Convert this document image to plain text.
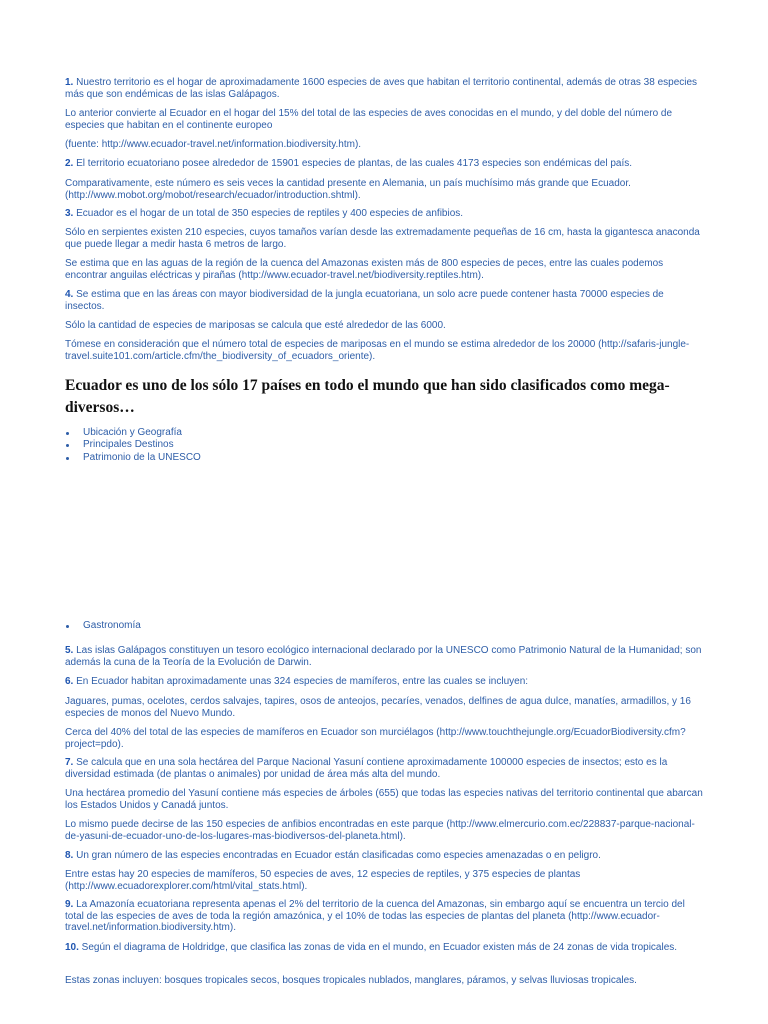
1. Nuestro territorio es el hogar de aproximadamente 1600 especies de aves que habitan el territorio continental, además de otras 38 especies más que son endémicas de las islas Galápagos.

Lo anterior convierte al Ecuador en el hogar del 15% del total de las especies de aves conocidas en el mundo, y del doble del número de especies que habitan en el continente europeo

(fuente: http://www.ecuador-travel.net/information.biodiversity.htm).

2. El territorio ecuatoriano posee alrededor de 15901 especies de plantas, de las cuales 4173 especies son endémicas del país.

Comparativamente, este número es seis veces la cantidad presente en Alemania, un país muchísimo más grande que Ecuador.(http://www.mobot.org/mobot/research/ecuador/introduction.shtml).

3. Ecuador es el hogar de un total de 350 especies de reptiles y 400 especies de anfibios.

Sólo en serpientes existen 210 especies, cuyos tamaños varían desde las extremadamente pequeñas de 16 cm, hasta la gigantesca anaconda que puede llegar a medir hasta 6 metros de largo.

Se estima que en las aguas de la región de la cuenca del Amazonas existen más de 800 especies de peces, entre las cuales podemos encontrar anguilas eléctricas y pirañas (http://www.ecuador-travel.net/biodiversity.reptiles.htm).

4. Se estima que en las áreas con mayor biodiversidad de la jungla ecuatoriana, un solo acre puede contener hasta 70000 especies de insectos.

Sólo la cantidad de especies de mariposas se calcula que esté alrededor de las 6000.

Tómese en consideración que el número total de especies de mariposas en el mundo se estima alrededor de los 20000 (http://safaris-jungle-travel.suite101.com/article.cfm/the_biodiversity_of_ecuadors_oriente).

Ecuador es uno de los sólo 17 países en todo el mundo que han sido clasificados como mega-diversos…
Ubicación y Geografía
Principales Destinos
Patrimonio de la UNESCO
Gastronomía

5. Las islas Galápagos constituyen un tesoro ecológico internacional declarado por la UNESCO como Patrimonio Natural de la Humanidad; son además la cuna de la Teoría de la Evolución de Darwin.

6. En Ecuador habitan aproximadamente unas 324 especies de mamíferos, entre las cuales se incluyen:

Jaguares, pumas, ocelotes, cerdos salvajes, tapires, osos de anteojos, pecaríes, venados, delfines de agua dulce, manatíes, armadillos, y 16 especies de monos del Nuevo Mundo.

Cerca del 40% del total de las especies de mamíferos en Ecuador son murciélagos (http://www.touchthejungle.org/EcuadorBiodiversity.cfm?project=pdo).

7. Se calcula que en una sola hectárea del Parque Nacional Yasuní contiene aproximadamente 100000 especies de insectos; esto es la diversidad estimada (de plantas o animales) por unidad de área más alta del mundo.

Una hectárea promedio del Yasuní contiene más especies de árboles (655) que todas las especies nativas del territorio continental que abarcan los Estados Unidos y Canadá juntos.

Lo mismo puede decirse de las 150 especies de anfibios encontradas en este parque (http://www.elmercurio.com.ec/228837-parque-nacional-de-yasuni-de-ecuador-uno-de-los-lugares-mas-biodiversos-del-planeta.html).

8. Un gran número de las especies encontradas en Ecuador están clasificadas como especies amenazadas o en peligro.

Entre estas hay 20 especies de mamíferos, 50 especies de aves, 12 especies de reptiles, y 375 especies de plantas (http://www.ecuadorexplorer.com/html/vital_stats.html).

9. La Amazonía ecuatoriana representa apenas el 2% del territorio de la cuenca del Amazonas, sin embargo aquí se encuentra un tercio del total de las especies de aves de toda la región amazónica, y el 10% de todas las especies de plantas del planeta (http://www.ecuador-travel.net/information.biodiversity.htm).

10. Según el diagrama de Holdridge, que clasifica las zonas de vida en el mundo, en Ecuador existen más de 24 zonas de vida tropicales.

Estas zonas incluyen: bosques tropicales secos, bosques tropicales nublados, manglares, páramos, y selvas lluviosas tropicales.
